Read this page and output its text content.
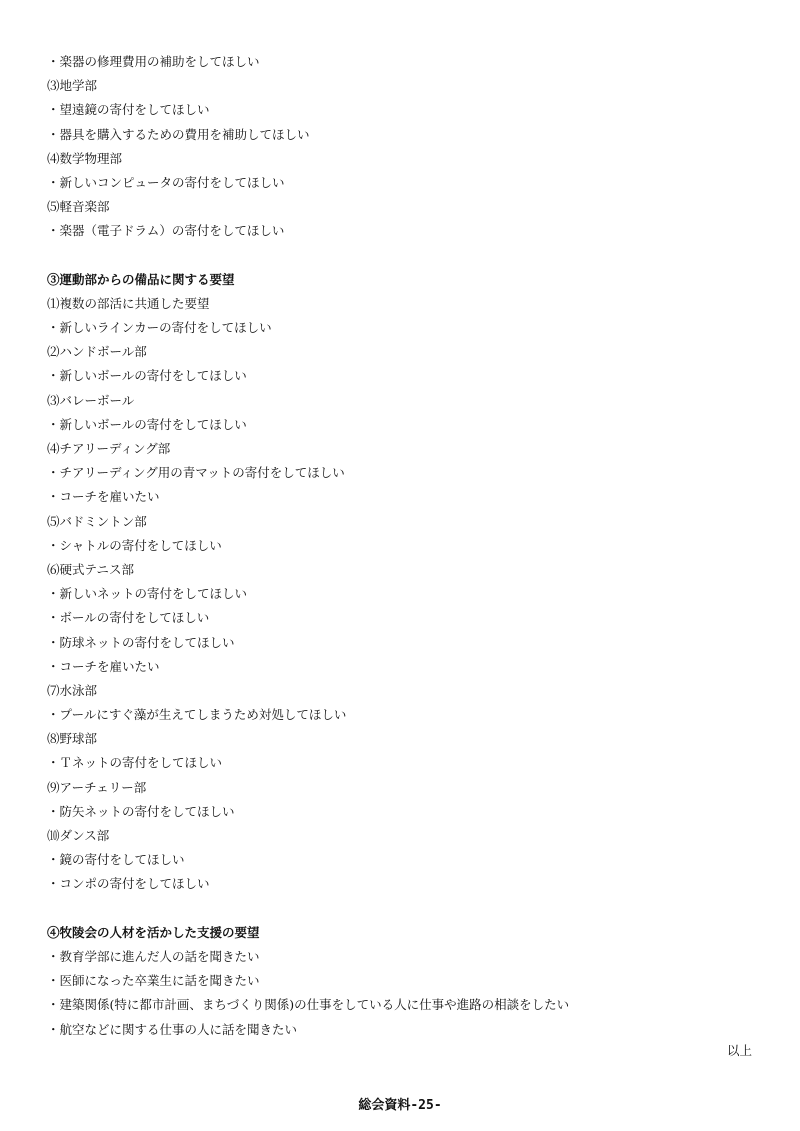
・楽器の修理費用の補助をしてほしい
⑶地学部
・望遠鏡の寄付をしてほしい
・器具を購入するための費用を補助してほしい
⑷数学物理部
・新しいコンピュータの寄付をしてほしい
⑸軽音楽部
・楽器（電子ドラム）の寄付をしてほしい
③運動部からの備品に関する要望
⑴複数の部活に共通した要望
・新しいラインカーの寄付をしてほしい
⑵ハンドボール部
・新しいボールの寄付をしてほしい
⑶バレーボール
・新しいボールの寄付をしてほしい
⑷チアリーディング部
・チアリーディング用の青マットの寄付をしてほしい
・コーチを雇いたい
⑸バドミントン部
・シャトルの寄付をしてほしい
⑹硬式テニス部
・新しいネットの寄付をしてほしい
・ボールの寄付をしてほしい
・防球ネットの寄付をしてほしい
・コーチを雇いたい
⑺水泳部
・プールにすぐ藻が生えてしまうため対処してほしい
⑻野球部
・Ｔネットの寄付をしてほしい
⑼アーチェリー部
・防矢ネットの寄付をしてほしい
⑽ダンス部
・鏡の寄付をしてほしい
・コンポの寄付をしてほしい
④牧陵会の人材を活かした支援の要望
・教育学部に進んだ人の話を聞きたい
・医師になった卒業生に話を聞きたい
・建築関係(特に都市計画、まちづくり関係)の仕事をしている人に仕事や進路の相談をしたい
・航空などに関する仕事の人に話を聞きたい
以上
総会資料-25-
